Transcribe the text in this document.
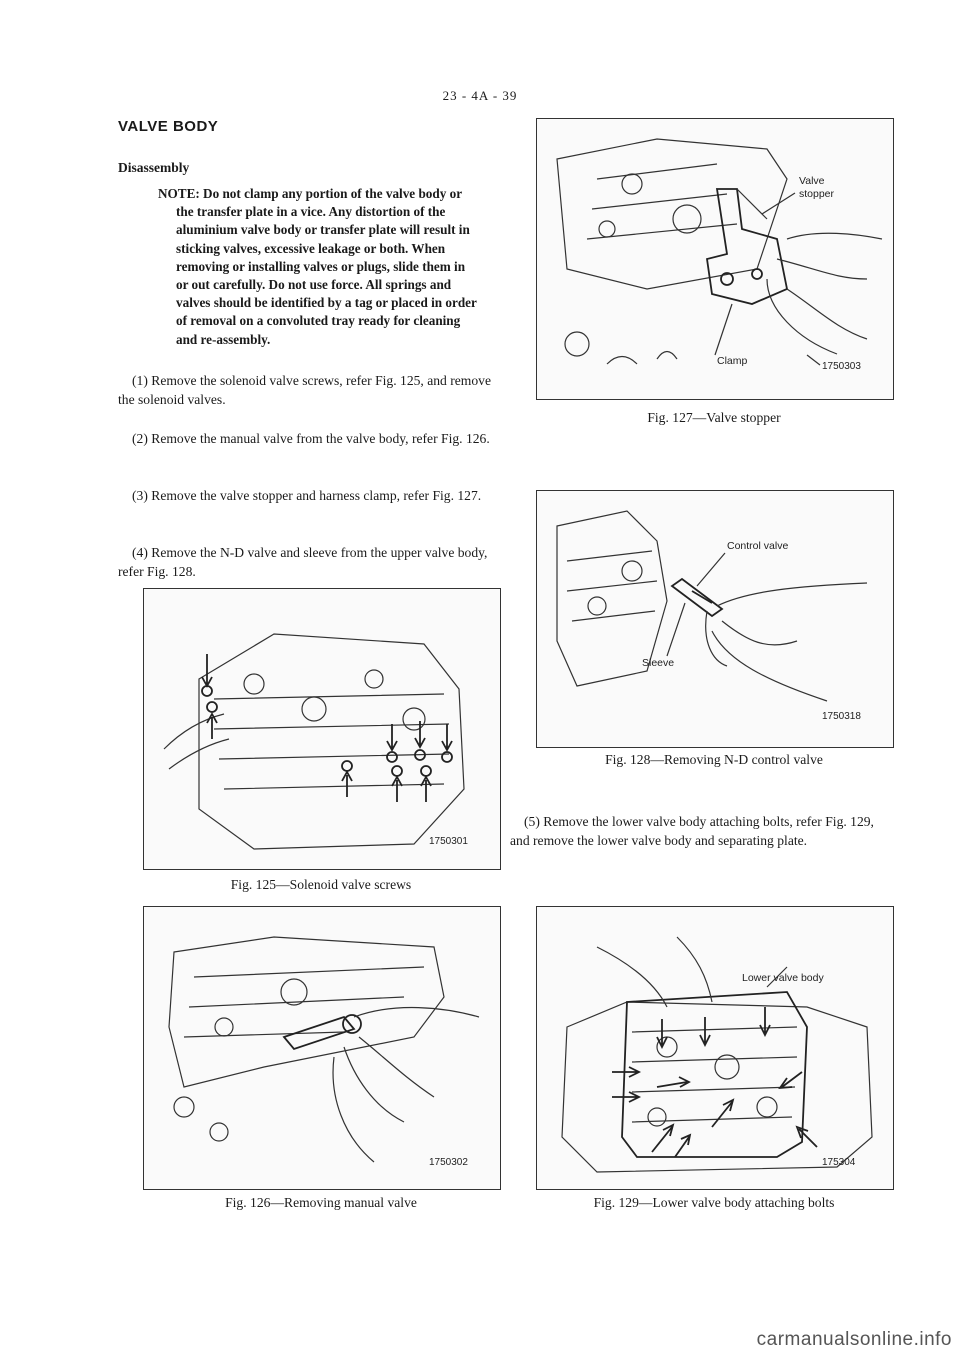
23 - 4A - 39
VALVE BODY
Disassembly
NOTE: Do not clamp any portion of the valve body or the transfer plate in a vice. Any distortion of the aluminium valve body or transfer plate will result in sticking valves, excessive leakage or both. When removing or installing valves or plugs, slide them in or out carefully. Do not use force. All springs and valves should be identified by a tag or placed in order of removal on a convoluted tray ready for cleaning and re-assembly.
(1) Remove the solenoid valve screws, refer Fig. 125, and remove the solenoid valves.
(2) Remove the manual valve from the valve body, refer Fig. 126.
(3) Remove the valve stopper and harness clamp, refer Fig. 127.
(4) Remove the N-D valve and sleeve from the upper valve body, refer Fig. 128.
(5) Remove the lower valve body attaching bolts, refer Fig. 129, and remove the lower valve body and separating plate.
Valve
stopper
Clamp	1750303
Fig. 127—Valve stopper
Control valve
Sleeve
1750318
Fig. 128—Removing N-D control valve
1750301
Fig. 125—Solenoid valve screws
1750302
Fig. 126—Removing manual valve
Lower valve body
175304
Fig. 129—Lower valve body attaching bolts
carmanualsonline.info
